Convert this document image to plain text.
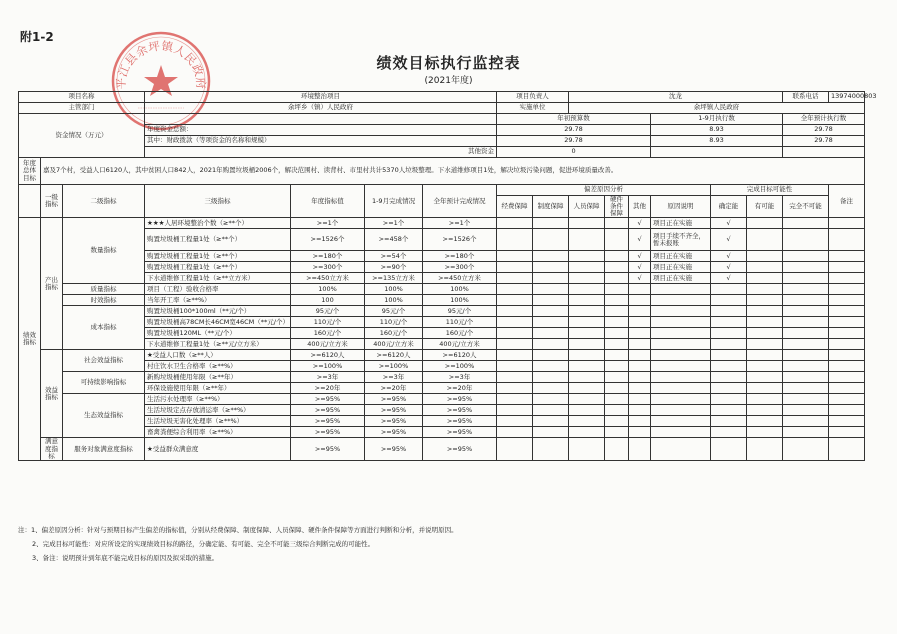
附1-2
平江县余坪镇人民政府
绩效目标执行监控表
(2021年度)
项目名称			环境整治项目				项目负责人		沈龙						联系电话	13974000803
主管部门			余坪乡（镇）人民政府				实施单位		余坪镇人民政府							
资金情况（万元）							年初预算数					1-9月执行数			全年预计执行数	
			年度资金总额：				29.78					8.93			29.78	
			其中：财政拨款（等项资金的名称和规模）				29.78					8.93			29.78	
			其他资金				0									
年度总体目标	嘉及7个村，受益人口6120人，其中贫困人口842人，2021年购置垃圾桶2006个，解决范围村、读背村、市里村共计5370人垃圾整理。下水道维修项目1处，解决垃圾污染问题，促进环境质量改善。															
	一级指标	二级指标	三级指标	年度指标值	1-9月完成情况	全年预计完成情况	偏差原因分析						完成目标可能性			备注
							经费保障	制度保障	人员保障	硬件条件保障	其他	原因说明	确定能	有可能	完全不可能	
绩效指标	产出指标	数量指标	★★★人居环境整治个数（≥**个）	>=1个	>=1个	>=1个					√	项目正在实施	√			
			购置垃圾桶工程量1处（≥**个）	>=1526个	>=458个	>=1526个					√	项目手续不齐全，暂未报账	√			
			购置垃圾桶工程量1处（≥**个）	>=180个	>=54个	>=180个					√	项目正在实施	√			
			购置垃圾桶工程量1处（≥**个）	>=300个	>=90个	>=300个					√	项目正在实施	√			
			下水道维修工程量1处（≥**立方米）	>=450立方米	>=135立方米	>=450立方米					√	项目正在实施	√			
		质量指标	项目（工程）验收合格率	100%	100%	100%										
		时效指标	当年开工率（≥**%）	100	100%	100%										
		成本指标	购置垃圾桶100*100ml（**元/个）	95元/个	95元/个	95元/个										
			购置垃圾桶高78CM长46CM宽46CM（**元/个）	110元/个	110元/个	110元/个										
			购置垃圾桶120ML（**元/个）	160元/个	160元/个	160元/个										
			下水道维修工程量1处（≥**元/立方米）	400元/立方米	400元/立方米	400元/立方米										
	效益指标	社会效益指标	★受益人口数（≥**人）	>=6120人	>=6120人	>=6120人										
			村庄饮水卫生合格率（≥**%）	>=100%	>=100%	>=100%										
		可持续影响指标	新购垃圾桶使用年限（≥**年）	>=3年	>=3年	>=3年										
			环保设施使用年限（≥**年）	>=20年	>=20年	>=20年										
		生态效益指标	生活污水处理率（≥**%）	>=95%	>=95%	>=95%										
			生活垃圾定点存放清运率（≥**%）	>=95%	>=95%	>=95%										
			生活垃圾无害化处理率（≥**%）	>=95%	>=95%	>=95%										
			畜禽粪便综合利用率（≥**%）	>=95%	>=95%	>=95%										
	满意度指标	服务对象满意度指标	★受益群众满意度	>=95%	>=95%	>=95%										
注：1、偏差原因分析：针对与预期目标产生偏差的指标值，分别从经费保障、制度保障、人员保障、硬件条件保障等方面进行判断和分析，并说明原因。
2、完成目标可能性：对应所设定的实现绩效目标的路径，分确定能、有可能、完全不可能三级综合判断完成的可能性。
3、备注：说明预计到年底不能完成目标的原因及拟采取的措施。
